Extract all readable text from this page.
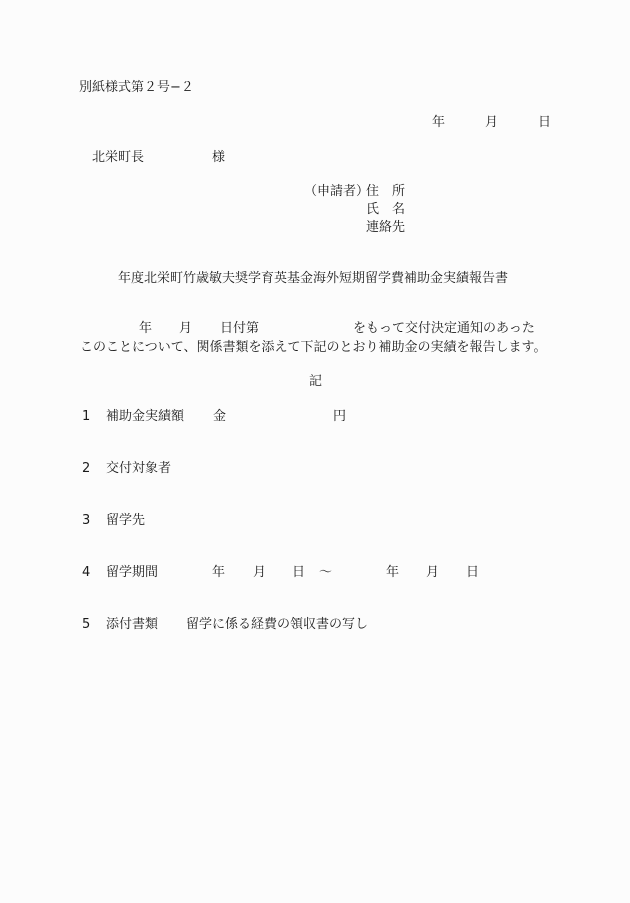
別紙様式第２号−２
年	月	日
北栄町長	様
（申請者）
住　所
氏　名
連絡先
年度北栄町竹歳敏夫奨学育英基金海外短期留学費補助金実績報告書
年 月 日付第	をもって交付決定通知のあった
このことについて、関係書類を添えて下記のとおり補助金の実績を報告します。
記
1 補助金実績額 金	円
2 交付対象者
3 留学先
4 留学期間	年 月 日 〜	年 月 日
5 添付書類 留学に係る経費の領収書の写し
